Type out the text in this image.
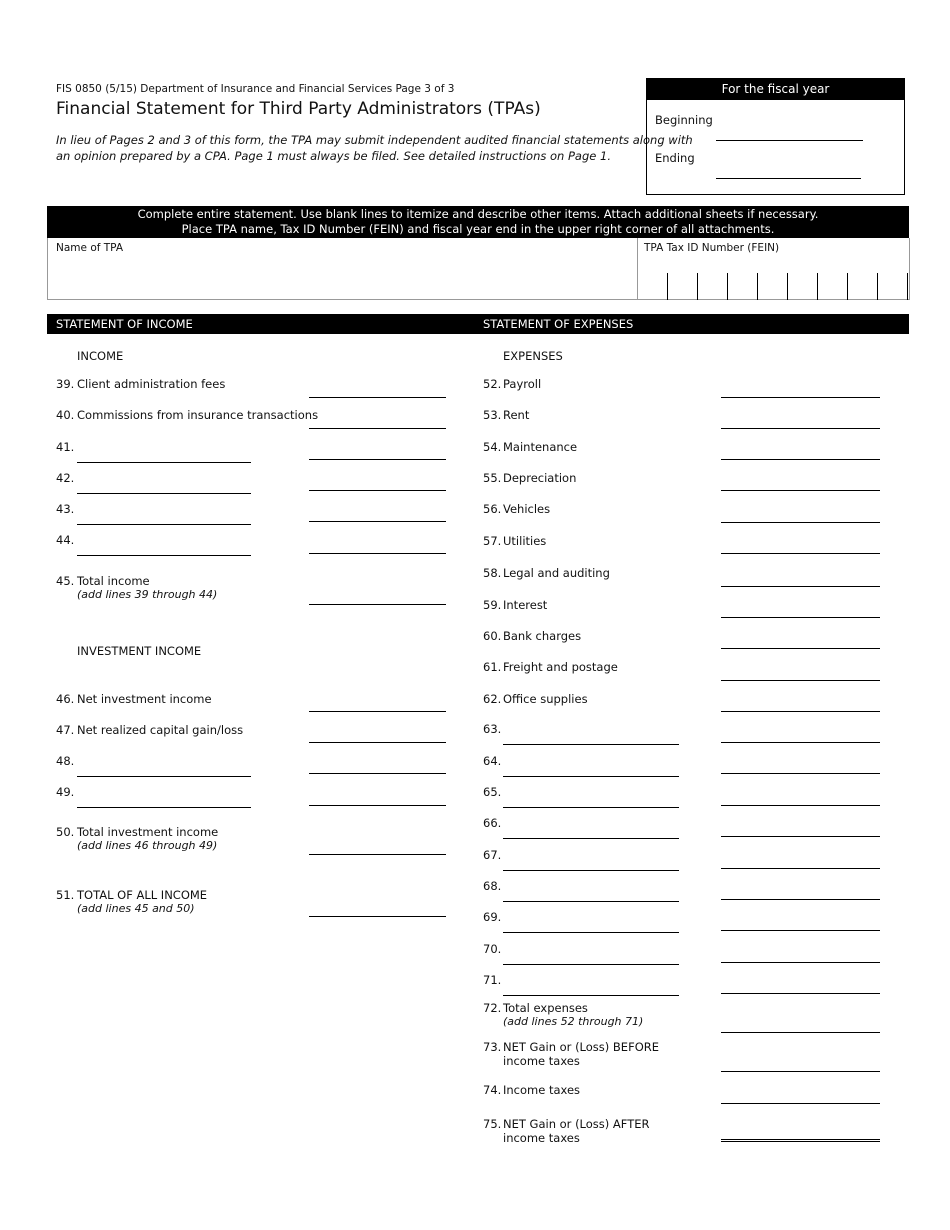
FIS 0850 (5/15) Department of Insurance and Financial Services Page 3 of 3
Financial Statement for Third Party Administrators (TPAs)
In lieu of Pages 2 and 3 of this form, the TPA may submit independent audited financial statements along with
an opinion prepared by a CPA. Page 1 must always be filed. See detailed instructions on Page 1.
For the fiscal year
Beginning
Ending
Complete entire statement. Use blank lines to itemize and describe other items. Attach additional sheets if necessary.
Place TPA name, Tax ID Number (FEIN) and fiscal year end in the upper right corner of all attachments.
Name of TPA	TPA Tax ID Number (FEIN)
STATEMENT OF INCOME	STATEMENT OF EXPENSES
INCOME
INVESTMENT INCOME
EXPENSES
39. Client administration fees
40. Commissions from insurance transactions
41.
42.
43.
44.
45. Total income
(add lines 39 through 44)
46. Net investment income
47. Net realized capital gain/loss
48.
49.
50. Total investment income
(add lines 46 through 49)
51. TOTAL OF ALL INCOME
(add lines 45 and 50)
52. Payroll
53. Rent
54. Maintenance
55. Depreciation
56. Vehicles
57. Utilities
58. Legal and auditing
59. Interest
60. Bank charges
61. Freight and postage
62. Office supplies
63.
64.
65.
66.
67.
68.
69.
70.
71.
72. Total expenses
(add lines 52 through 71)
73. NET Gain or (Loss) BEFORE
income taxes
74. Income taxes
75. NET Gain or (Loss) AFTER
income taxes
